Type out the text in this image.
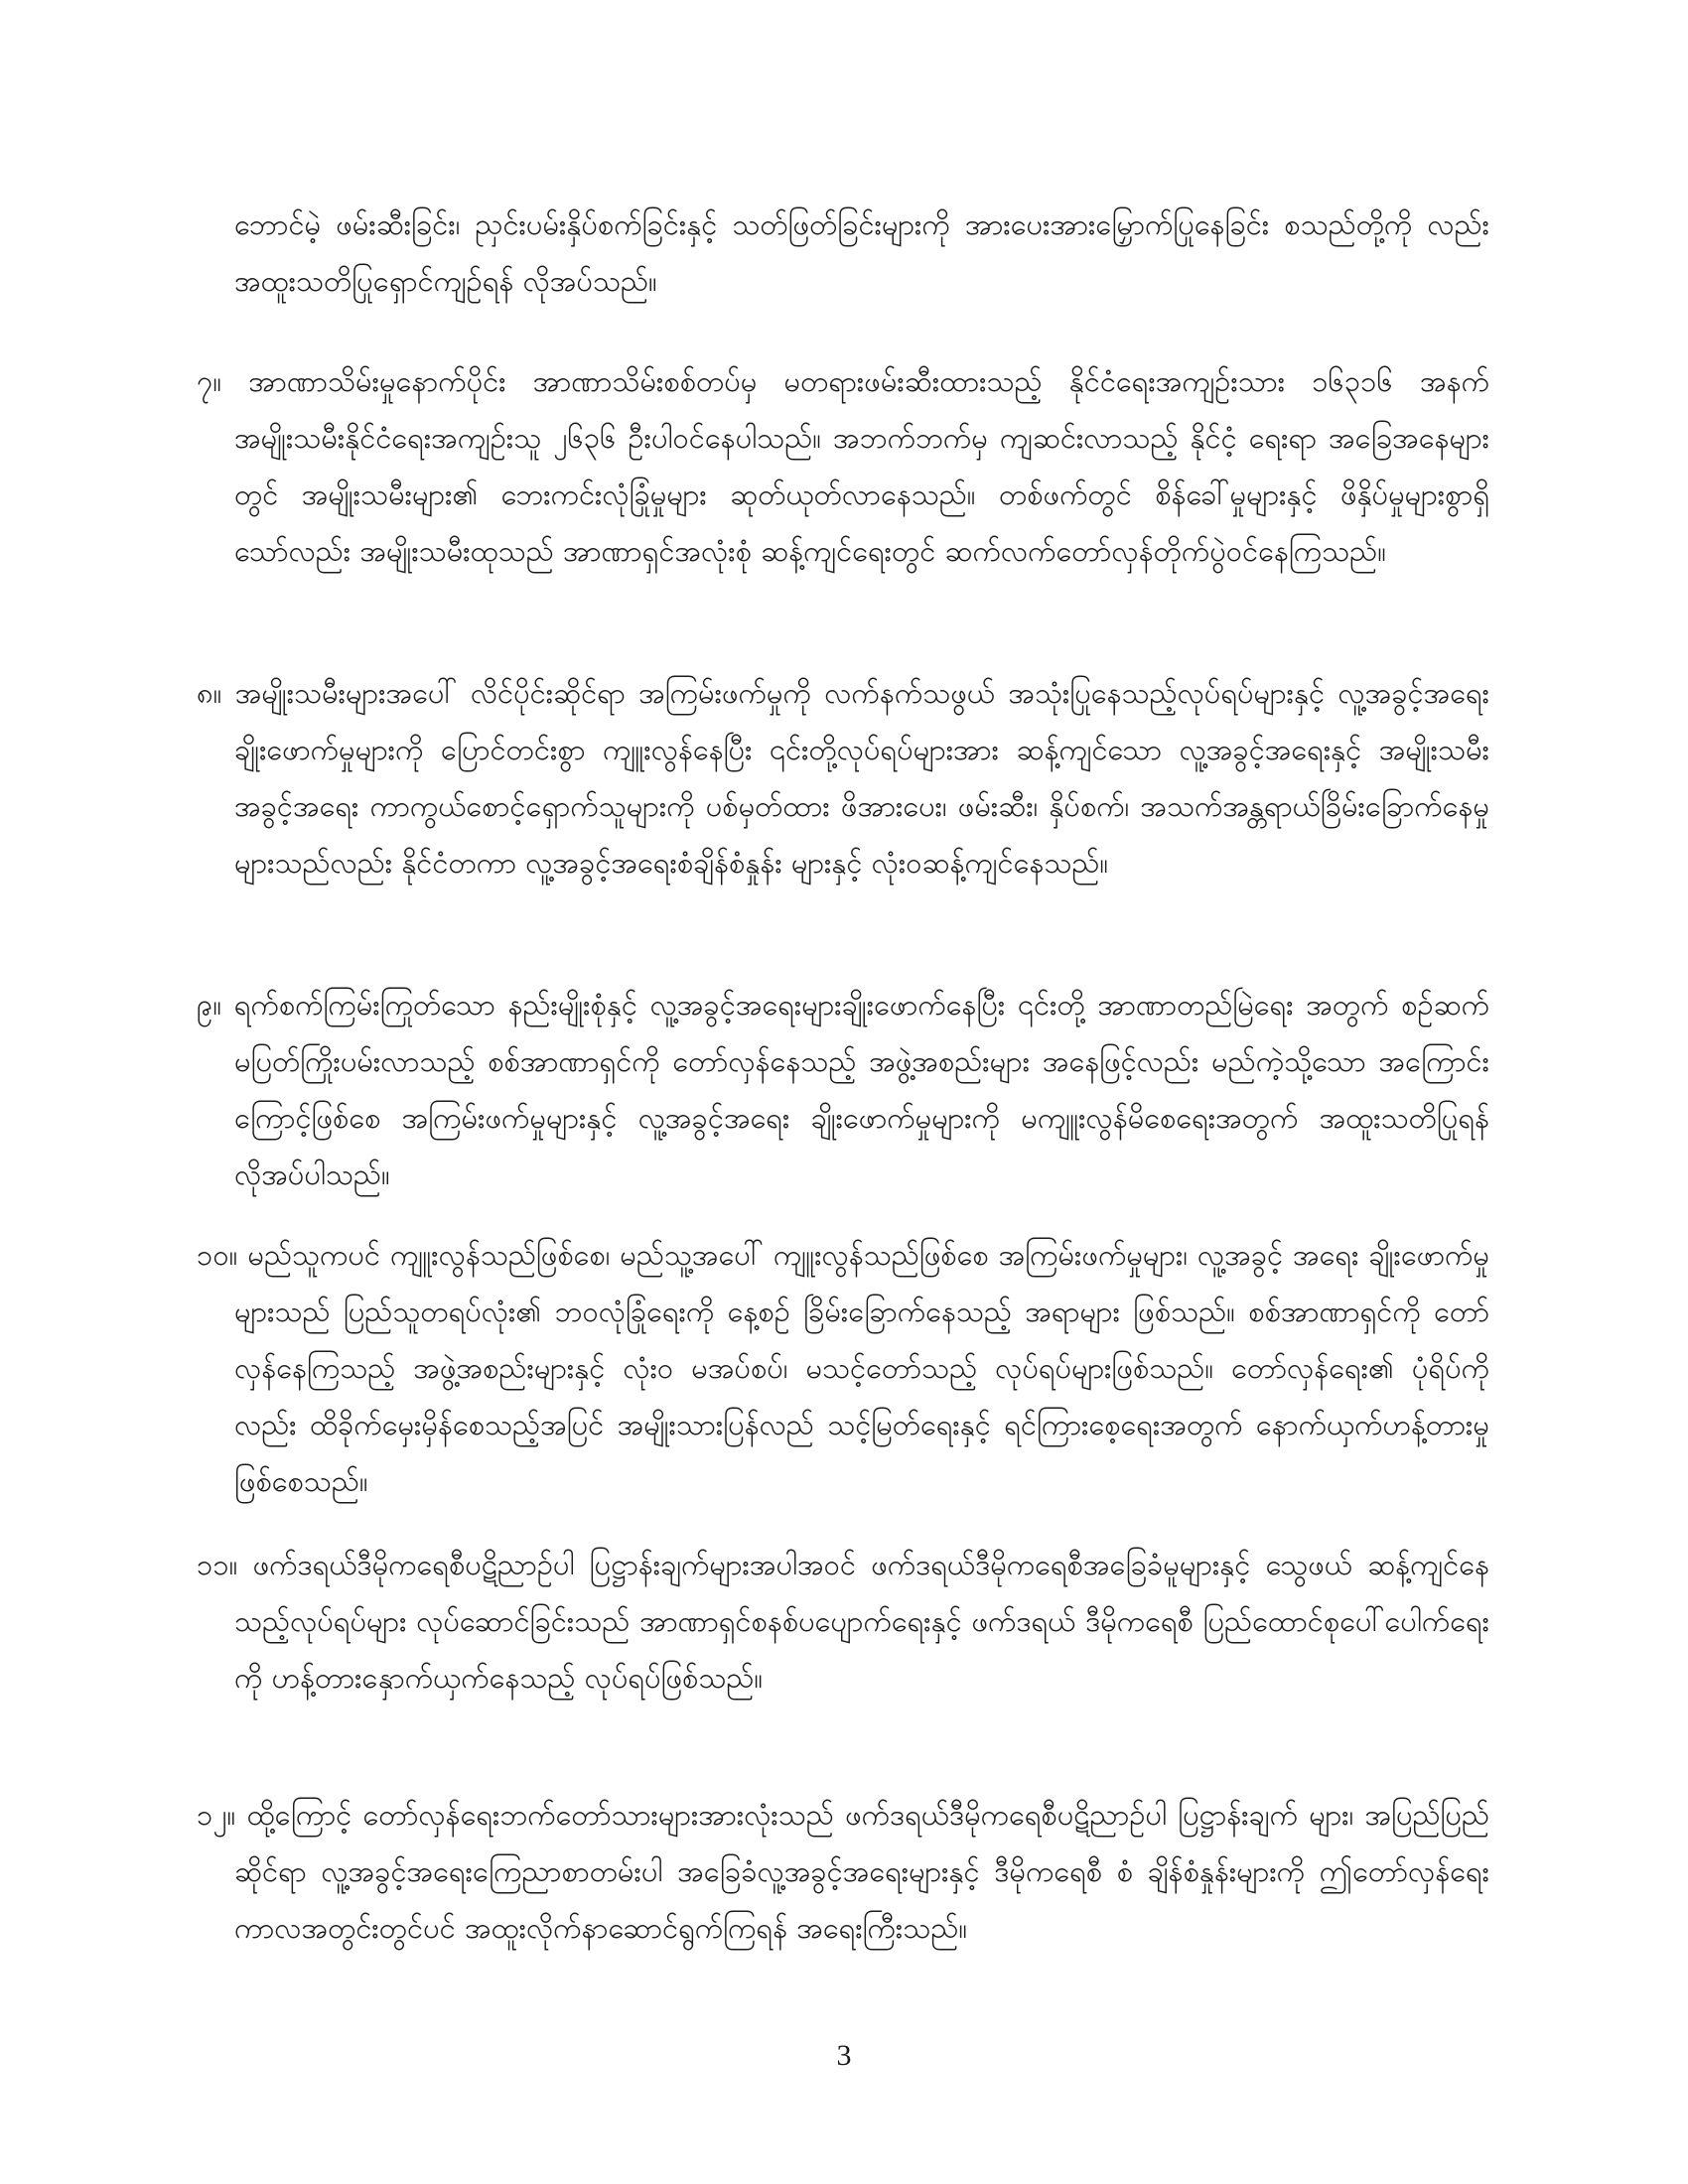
ဘောင်မဲ့ ဖမ်းဆီးခြင်း၊ ညှင်းပမ်းနှိပ်စက်ခြင်းနှင့် သတ်ဖြတ်ခြင်းများကို အားပေးအားမြှောက်ပြုနေခြင်း စသည်တို့ကို လည်း အထူးသတိပြုရှောင်ကျဉ်ရန် လိုအပ်သည်။

၇။ အာဏာသိမ်းမှုနောက်ပိုင်း အာဏာသိမ်းစစ်တပ်မှ မတရားဖမ်းဆီးထားသည့် နိုင်ငံရေးအကျဉ်းသား ၁၆၃၁၆ အနက် အမျိုးသမီးနိုင်ငံရေးအကျဉ်းသူ ၂၆၃၆ ဦးပါဝင်နေပါသည်။ အဘက်ဘက်မှ ကျဆင်းလာသည့် နိုင်ငံ့ ရေးရာ အခြေအနေများတွင် အမျိုးသမီးများ၏ ဘေးကင်းလုံခြုံမှုများ ဆုတ်ယုတ်လာနေသည်။ တစ်ဖက်တွင် စိန်ခေါ်မှုများနှင့် ဖိနှိပ်မှုများစွာရှိသော်လည်း အမျိုးသမီးထုသည် အာဏာရှင်အလုံးစုံ ဆန့်ကျင်ရေးတွင် ဆက်လက်တော်လှန်တိုက်ပွဲဝင်နေကြသည်။

၈။ အမျိုးသမီးများအပေါ် လိင်ပိုင်းဆိုင်ရာ အကြမ်းဖက်မှုကို လက်နက်သဖွယ် အသုံးပြုနေသည့်လုပ်ရပ်များနှင့် လူ့အခွင့်အရေး ချိုးဖောက်မှုများကို ပြောင်တင်းစွာ ကျူးလွန်နေပြီး ၎င်းတို့လုပ်ရပ်များအား ဆန့်ကျင်သော လူ့အခွင့်အရေးနှင့် အမျိုးသမီးအခွင့်အရေး ကာကွယ်စောင့်ရှောက်သူများကို ပစ်မှတ်ထား ဖိအားပေး၊ ဖမ်းဆီး၊ နှိပ်စက်၊ အသက်အန္တရာယ်ခြိမ်းခြောက်နေမှုများသည်လည်း နိုင်ငံတကာ လူ့အခွင့်အရေးစံချိန်စံနှုန်း များနှင့် လုံးဝဆန့်ကျင်နေသည်။

၉။ ရက်စက်ကြမ်းကြုတ်သော နည်းမျိုးစုံနှင့် လူ့အခွင့်အရေးများချိုးဖောက်နေပြီး ၎င်းတို့ အာဏာတည်မြဲရေး အတွက် စဉ်ဆက်မပြတ်ကြိုးပမ်းလာသည့် စစ်အာဏာရှင်ကို တော်လှန်နေသည့် အဖွဲ့အစည်းများ အနေဖြင့်လည်း မည်ကဲ့သို့သော အကြောင်းကြောင့်ဖြစ်စေ အကြမ်းဖက်မှုများနှင့် လူ့အခွင့်အရေး ချိုးဖောက်မှုများကို မကျူးလွန်မိစေရေးအတွက် အထူးသတိပြုရန် လိုအပ်ပါသည်။

၁၀။ မည်သူကပင် ကျူးလွန်သည်ဖြစ်စေ၊ မည်သူ့အပေါ် ကျူးလွန်သည်ဖြစ်စေ အကြမ်းဖက်မှုများ၊ လူ့အခွင့် အရေး ချိုးဖောက်မှုများသည် ပြည်သူတရပ်လုံး၏ ဘဝလုံခြုံရေးကို နေ့စဉ် ခြိမ်းခြောက်နေသည့် အရာများ ဖြစ်သည်။ စစ်အာဏာရှင်ကို တော်လှန်နေကြသည့် အဖွဲ့အစည်းများနှင့် လုံးဝ မအပ်စပ်၊ မသင့်တော်သည့် လုပ်ရပ်များဖြစ်သည်။ တော်လှန်ရေး၏ ပုံရိပ်ကိုလည်း ထိခိုက်မှေးမှိန်စေသည့်အပြင် အမျိုးသားပြန်လည် သင့်မြတ်ရေးနှင့် ရင်ကြားစေ့ရေးအတွက် နောက်ယှက်ဟန့်တားမှုဖြစ်စေသည်။

၁၁။ ဖက်ဒရယ်ဒီမိုကရေစီပဋိညာဉ်ပါ ပြဋ္ဌာန်းချက်များအပါအဝင် ဖက်ဒရယ်ဒီမိုကရေစီအခြေခံမူများနှင့် သွေဖယ် ဆန့်ကျင်နေသည့်လုပ်ရပ်များ လုပ်ဆောင်ခြင်းသည် အာဏာရှင်စနစ်ပပျောက်ရေးနှင့် ဖက်ဒရယ် ဒီမိုကရေစီ ပြည်ထောင်စုပေါ်ပေါက်ရေးကို ဟန့်တားနှောက်ယှက်နေသည့် လုပ်ရပ်ဖြစ်သည်။

၁၂။ ထို့ကြောင့် တော်လှန်ရေးဘက်တော်သားများအားလုံးသည် ဖက်ဒရယ်ဒီမိုကရေစီပဋိညာဉ်ပါ ပြဋ္ဌာန်းချက် များ၊ အပြည်ပြည်ဆိုင်ရာ လူ့အခွင့်အရေးကြေညာစာတမ်းပါ အခြေခံလူ့အခွင့်အရေးများနှင့် ဒီမိုကရေစီ စံ ချိန်စံနှုန်းများကို ဤတော်လှန်ရေးကာလအတွင်းတွင်ပင် အထူးလိုက်နာဆောင်ရွက်ကြရန် အရေးကြီးသည်။

3
